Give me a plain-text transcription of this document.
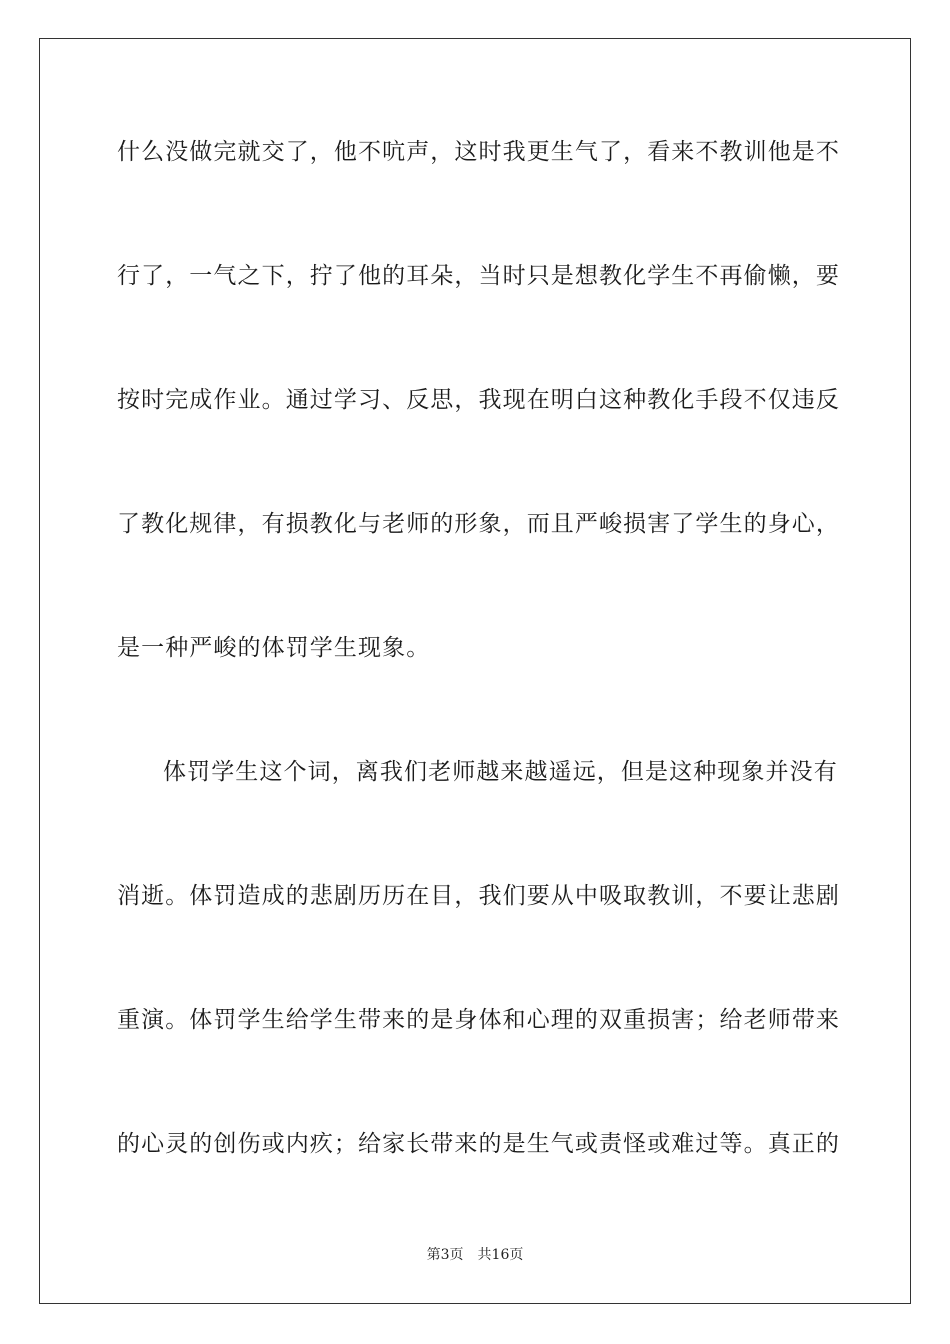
什么没做完就交了，他不吭声，这时我更生气了，看来不教训他是不
行了，一气之下，拧了他的耳朵，当时只是想教化学生不再偷懒，要
按时完成作业。通过学习、反思，我现在明白这种教化手段不仅违反
了教化规律，有损教化与老师的形象，而且严峻损害了学生的身心，
是一种严峻的体罚学生现象。
体罚学生这个词，离我们老师越来越遥远，但是这种现象并没有
消逝。体罚造成的悲剧历历在目，我们要从中吸取教训，不要让悲剧
重演。体罚学生给学生带来的是身体和心理的双重损害；给老师带来
的心灵的创伤或内疚；给家长带来的是生气或责怪或难过等。真正的
第3页 共16页
